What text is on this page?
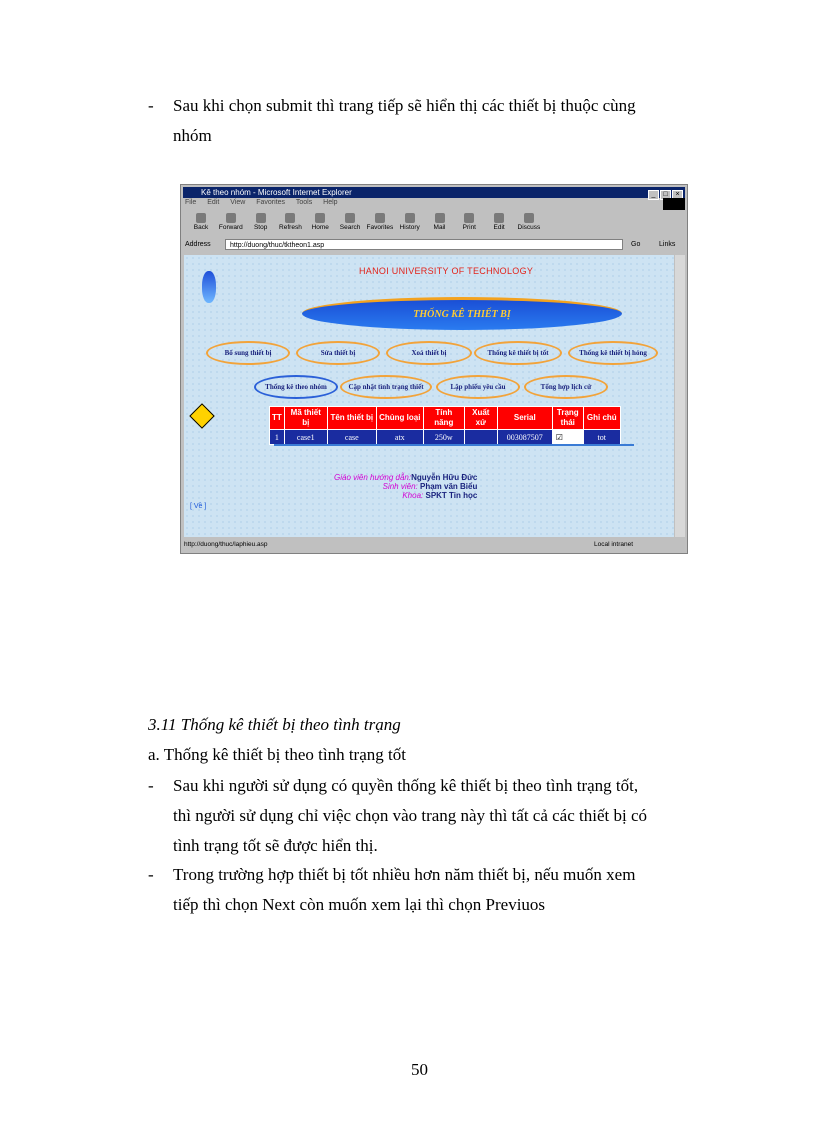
- Sau khi chọn submit thì trang tiếp sẽ hiển thị các thiết bị thuộc cùng
nhóm
Kê theo nhóm - Microsoft Internet Explorer	_ □ ×
File Edit View Favorites Tools Help
Back Forward Stop Refresh Home Search Favorites History Mail	Print	Edit Discuss
Address	http://duong/thuc/tktheon1.asp	Go	Links
HANOI UNIVERSITY OF TECHNOLOGY
THỐNG KÊ THIẾT BỊ
Bổ sung thiết bị	Sửa thiết bị	Xoá thiết bị	Thống kê thiết bị tốt	Thống kê thiết bị hỏng
Thống kê theo nhóm	Cập nhật tình trạng thiết	Lập phiếu yêu cầu	Tổng hợp lịch cứ
TT	Mã thiết bị	Tên thiết bị	Chủng loại	Tính năng	Xuất xứ	Serial	Trạng thái	Ghi chú
1	case1	case	atx	250w		003087507	☑	tot
Giáo viên hướng dẫn:Nguyễn Hữu Đức
Sinh viên: Phạm văn Biểu
Khoa: SPKT Tin học
[ Về ]
http://duong/thuc/laphieu.asp	Local intranet
3.11 Thống kê thiết bị theo tình trạng
a. Thống kê thiết bị theo tình trạng tốt
- Sau khi người sử dụng có quyền thống kê thiết bị theo tình trạng tốt,
thì người sử dụng chỉ việc chọn vào trang này thì tất cả các thiết bị có
tình trạng tốt sẽ được hiển thị.
- Trong trường hợp thiết bị tốt nhiều hơn năm thiết bị, nếu muốn xem
tiếp thì chọn Next còn muốn xem lại thì chọn Previuos
50
